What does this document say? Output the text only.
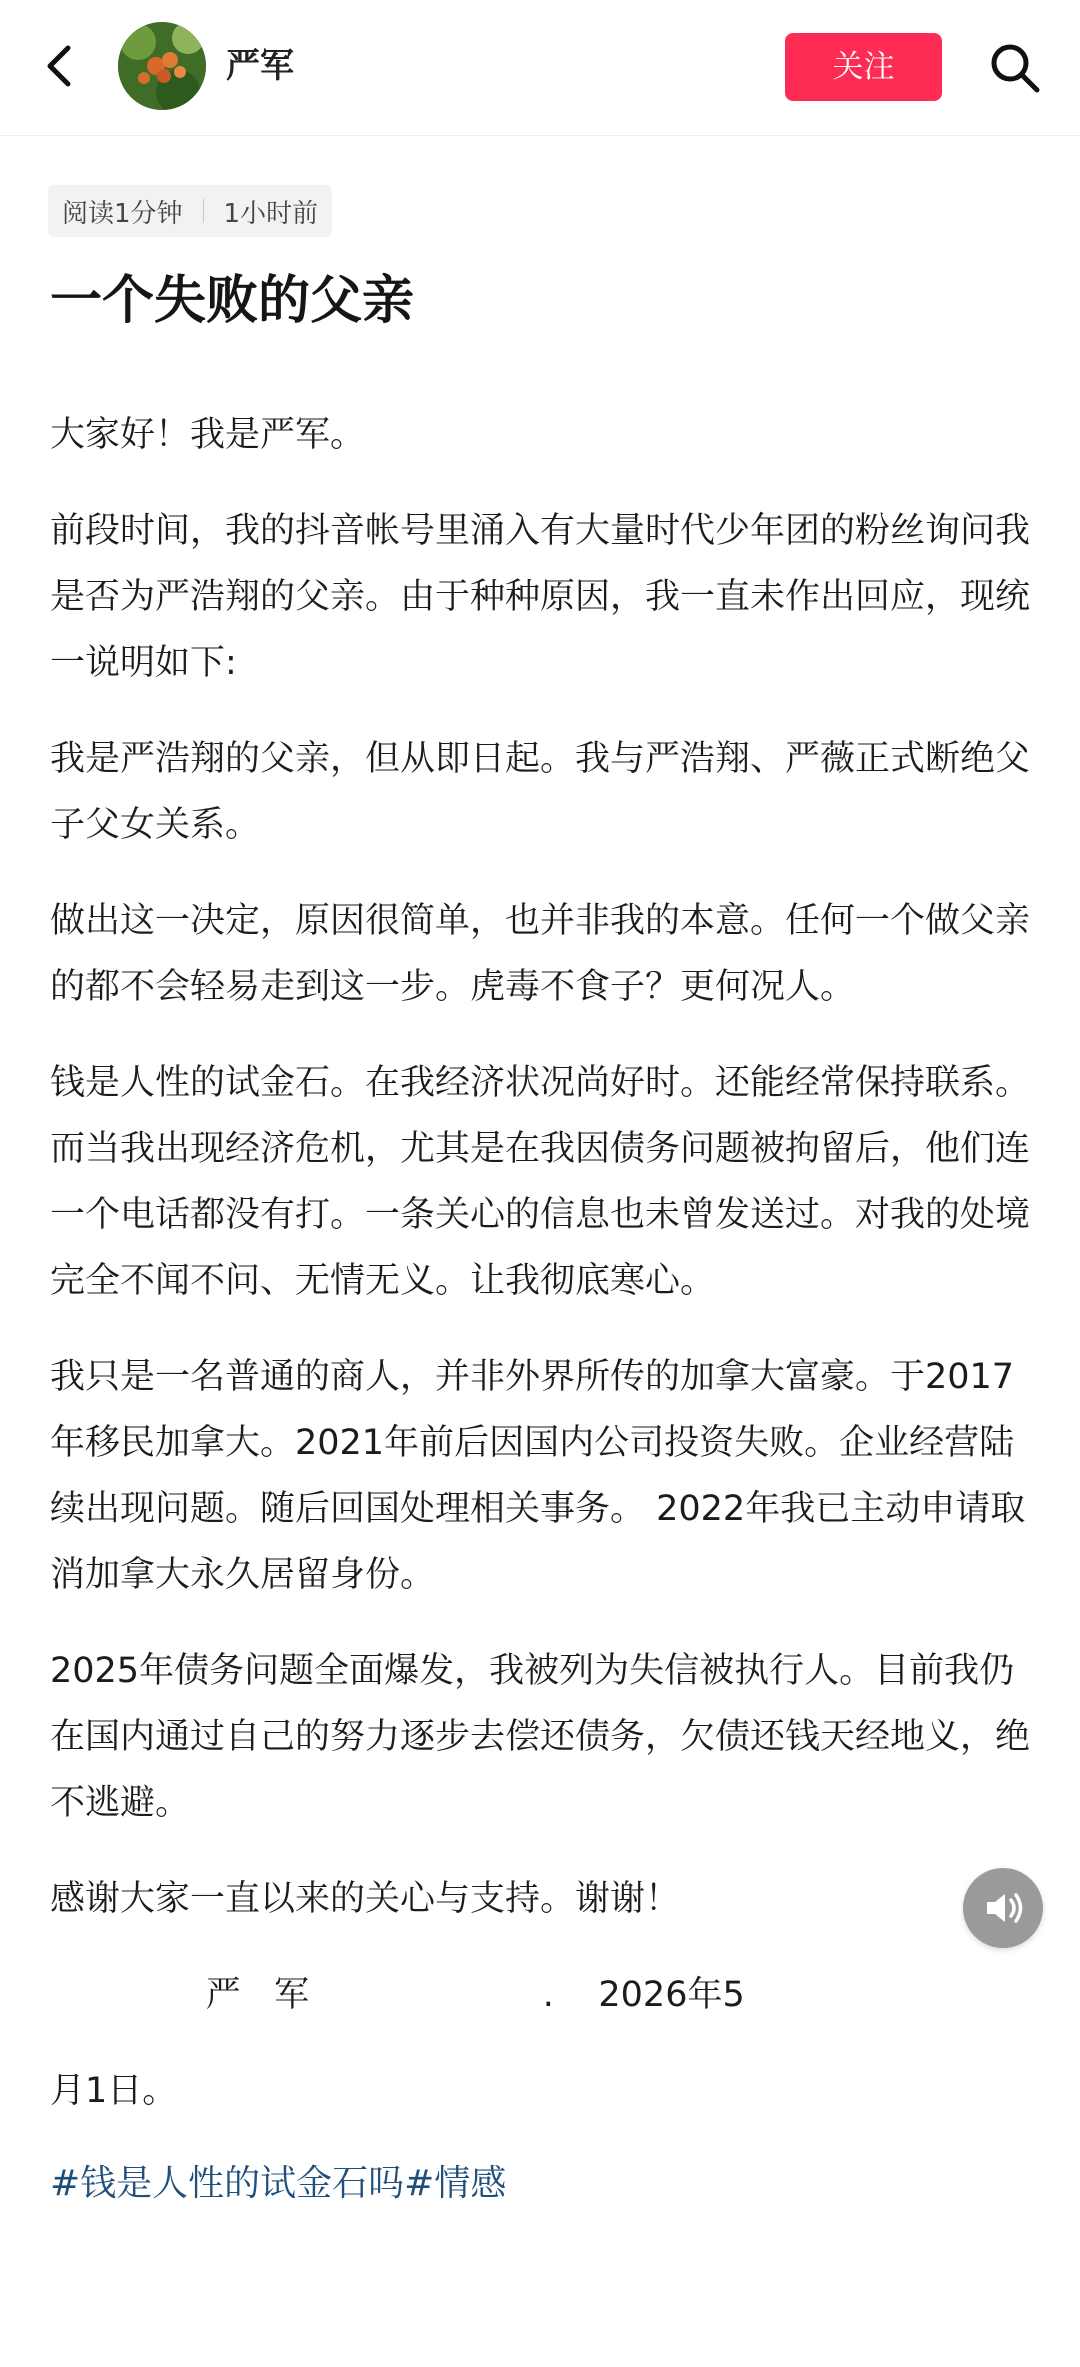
严军	关注
阅读1分钟 1小时前
一个失败的父亲

大家好！我是严军。

前段时间，我的抖音帐号里涌入有大量时代少年团的粉丝询问我是否为严浩翔的父亲。由于种种原因，我一直未作出回应，现统一说明如下:

我是严浩翔的父亲，但从即日起。我与严浩翔、严薇正式断绝父子父女关系。

做出这一决定，原因很简单，也并非我的本意。任何一个做父亲的都不会轻易走到这一步。虎毒不食子？更何况人。

钱是人性的试金石。在我经济状况尚好时。还能经常保持联系。而当我出现经济危机，尤其是在我因债务问题被拘留后，他们连一个电话都没有打。一条关心的信息也未曾发送过。对我的处境完全不闻不问、无情无义。让我彻底寒心。

我只是一名普通的商人，并非外界所传的加拿大富豪。于2017年移民加拿大。2021年前后因国内公司投资失败。企业经营陆续出现问题。随后回国处理相关事务。 2022年我已主动申请取消加拿大永久居留身份。

2025年债务问题全面爆发，我被列为失信被执行人。目前我仍在国内通过自己的努力逐步去偿还债务，欠债还钱天经地义，绝不逃避。

感谢大家一直以来的关心与支持。谢谢！

严   军                     .    2026年5

月1日。

#钱是人性的试金石吗#情感
